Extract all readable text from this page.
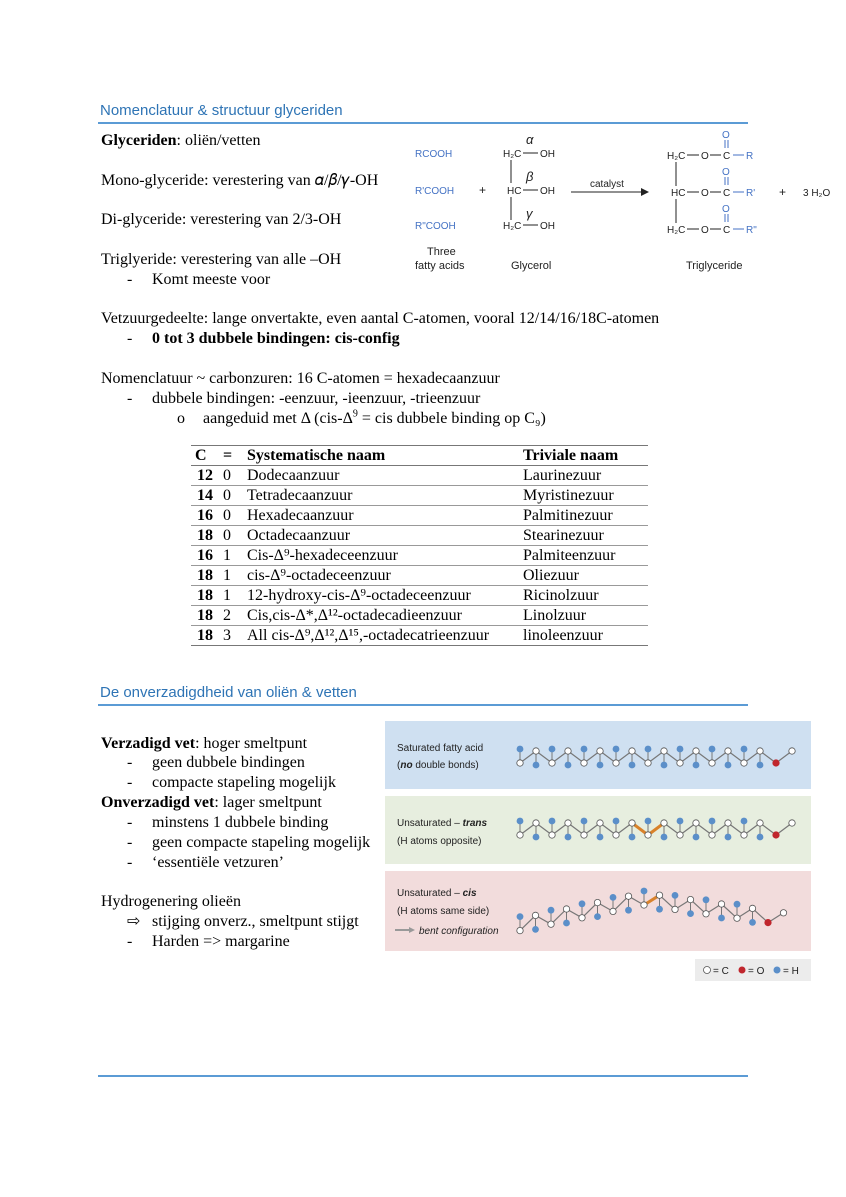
Nomenclatuur & structuur glyceriden
Glyceriden: oliën/vetten
Mono-glyceride: verestering van 𝛼/𝛽/𝛾-OH
Di-glyceride: verestering van 2/3-OH
Triglyeride: verestering van alle –OH
- Komt meeste voor
RCOOH
R'COOH
R"COOH
+
Three
fatty acids
α
H₂C OH
β
HC OH
γ
H₂C OH
Glycerol
catalyst
H₂C O C
O
R
HC O C
O
R'
H₂C O C
O
R"
+ 3 H₂O
Triglyceride
Vetzuurgedeelte: lange onvertakte, even aantal C-atomen, vooral 12/14/16/18C-atomen
- 0 tot 3 dubbele bindingen: cis-config
Nomenclatuur ~ carbonzuren: 16 C-atomen = hexadecaanzuur
- dubbele bindingen: -eenzuur, -ieenzuur, -trieenzuur
o aangeduid met Δ ($cis-\Delta^9$ = cis dubbele binding op C₉)
C	=	Systematische naam	Triviale naam
12	0	Dodecaanzuur	Laurinezuur
14	0	Tetradecaanzuur	Myristinezuur
16	0	Hexadecaanzuur	Palmitinezuur
18	0	Octadecaanzuur	Stearinezuur
16	1	Cis-Δ⁹-hexadeceenzuur	Palmiteenzuur
18	1	cis-Δ⁹-octadeceenzuur	Oliezuur
18	1	12-hydroxy-cis-Δ⁹-octadeceenzuur	Ricinolzuur
18	2	Cis,cis-Δ*,Δ¹²-octadecadieenzuur	Linolzuur
18	3	All cis-Δ⁹,Δ¹²,Δ¹⁵,-octadecatrieenzuur	linoleenzuur
De onverzadigdheid van oliën & vetten
Verzadigd vet: hoger smeltpunt
- geen dubbele bindingen
- compacte stapeling mogelijk
Onverzadigd vet: lager smeltpunt
- minstens 1 dubbele binding
- geen compacte stapeling mogelijk
- ‘essentiële vetzuren’
Hydrogenering olieën
⇨ stijging onverz., smeltpunt stijgt
- Harden => margarine
Saturated fatty acid
(no double bonds)
Unsaturated – trans
(H atoms opposite)
Unsaturated – cis
(H atoms same side)
bent configuration
= C = O = H
